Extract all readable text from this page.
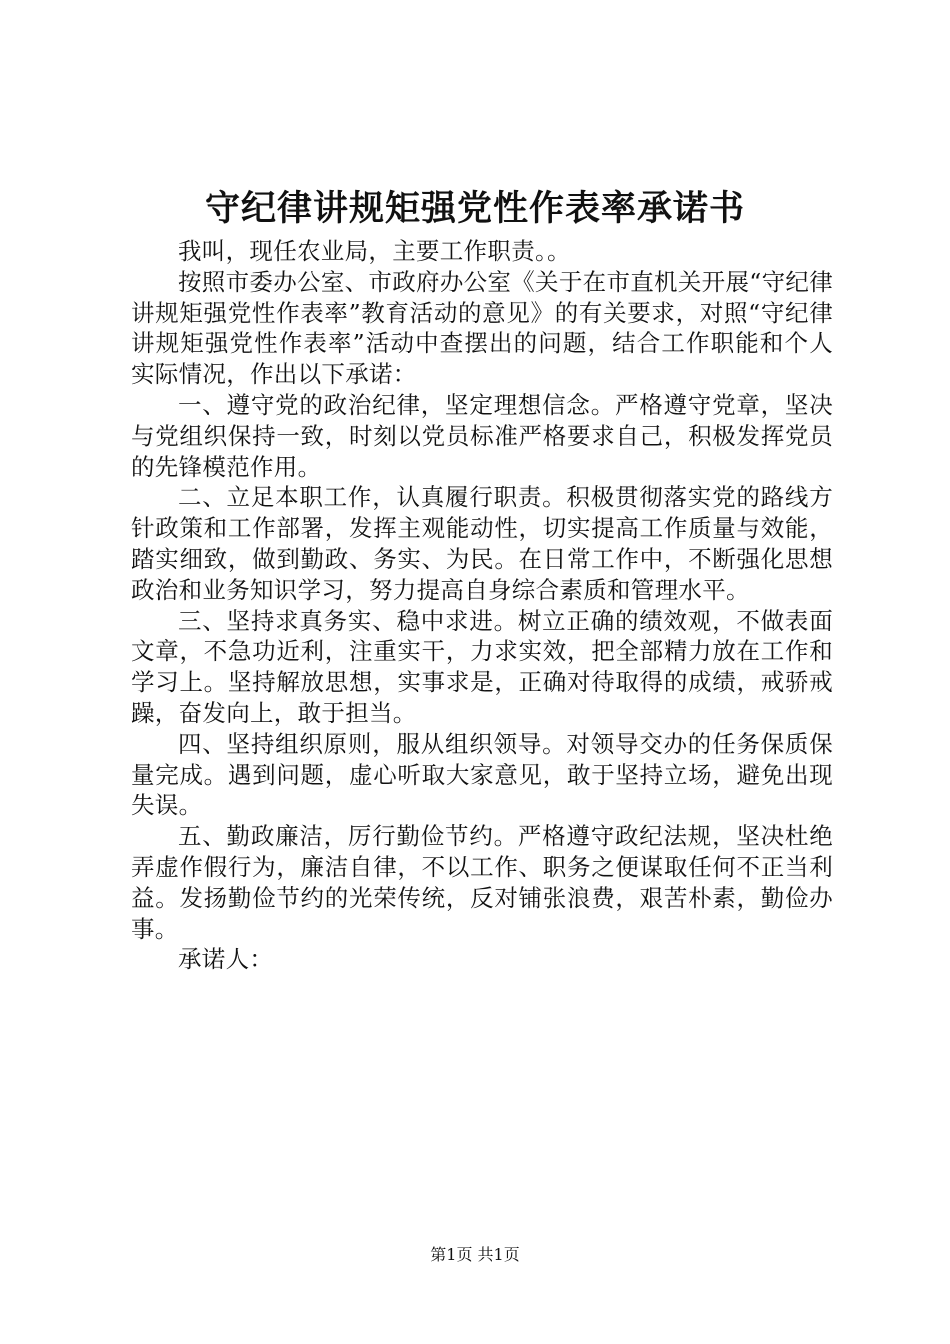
守纪律讲规矩强党性作表率承诺书

我叫，现任农业局，主要工作职责。。

按照市委办公室、市政府办公室《关于在市直机关开展“守纪律讲规矩强党性作表率”教育活动的意见》的有关要求，对照“守纪律讲规矩强党性作表率”活动中查摆出的问题，结合工作职能和个人实际情况，作出以下承诺：

一、遵守党的政治纪律，坚定理想信念。严格遵守党章，坚决与党组织保持一致，时刻以党员标准严格要求自己，积极发挥党员的先锋模范作用。

二、立足本职工作，认真履行职责。积极贯彻落实党的路线方针政策和工作部署，发挥主观能动性，切实提高工作质量与效能，踏实细致，做到勤政、务实、为民。在日常工作中，不断强化思想政治和业务知识学习，努力提高自身综合素质和管理水平。

三、坚持求真务实、稳中求进。树立正确的绩效观，不做表面文章，不急功近利，注重实干，力求实效，把全部精力放在工作和学习上。坚持解放思想，实事求是，正确对待取得的成绩，戒骄戒躁，奋发向上，敢于担当。

四、坚持组织原则，服从组织领导。对领导交办的任务保质保量完成。遇到问题，虚心听取大家意见，敢于坚持立场，避免出现失误。

五、勤政廉洁，厉行勤俭节约。严格遵守政纪法规，坚决杜绝弄虚作假行为，廉洁自律，不以工作、职务之便谋取任何不正当利益。发扬勤俭节约的光荣传统，反对铺张浪费，艰苦朴素，勤俭办事。

承诺人：

第1页 共1页
